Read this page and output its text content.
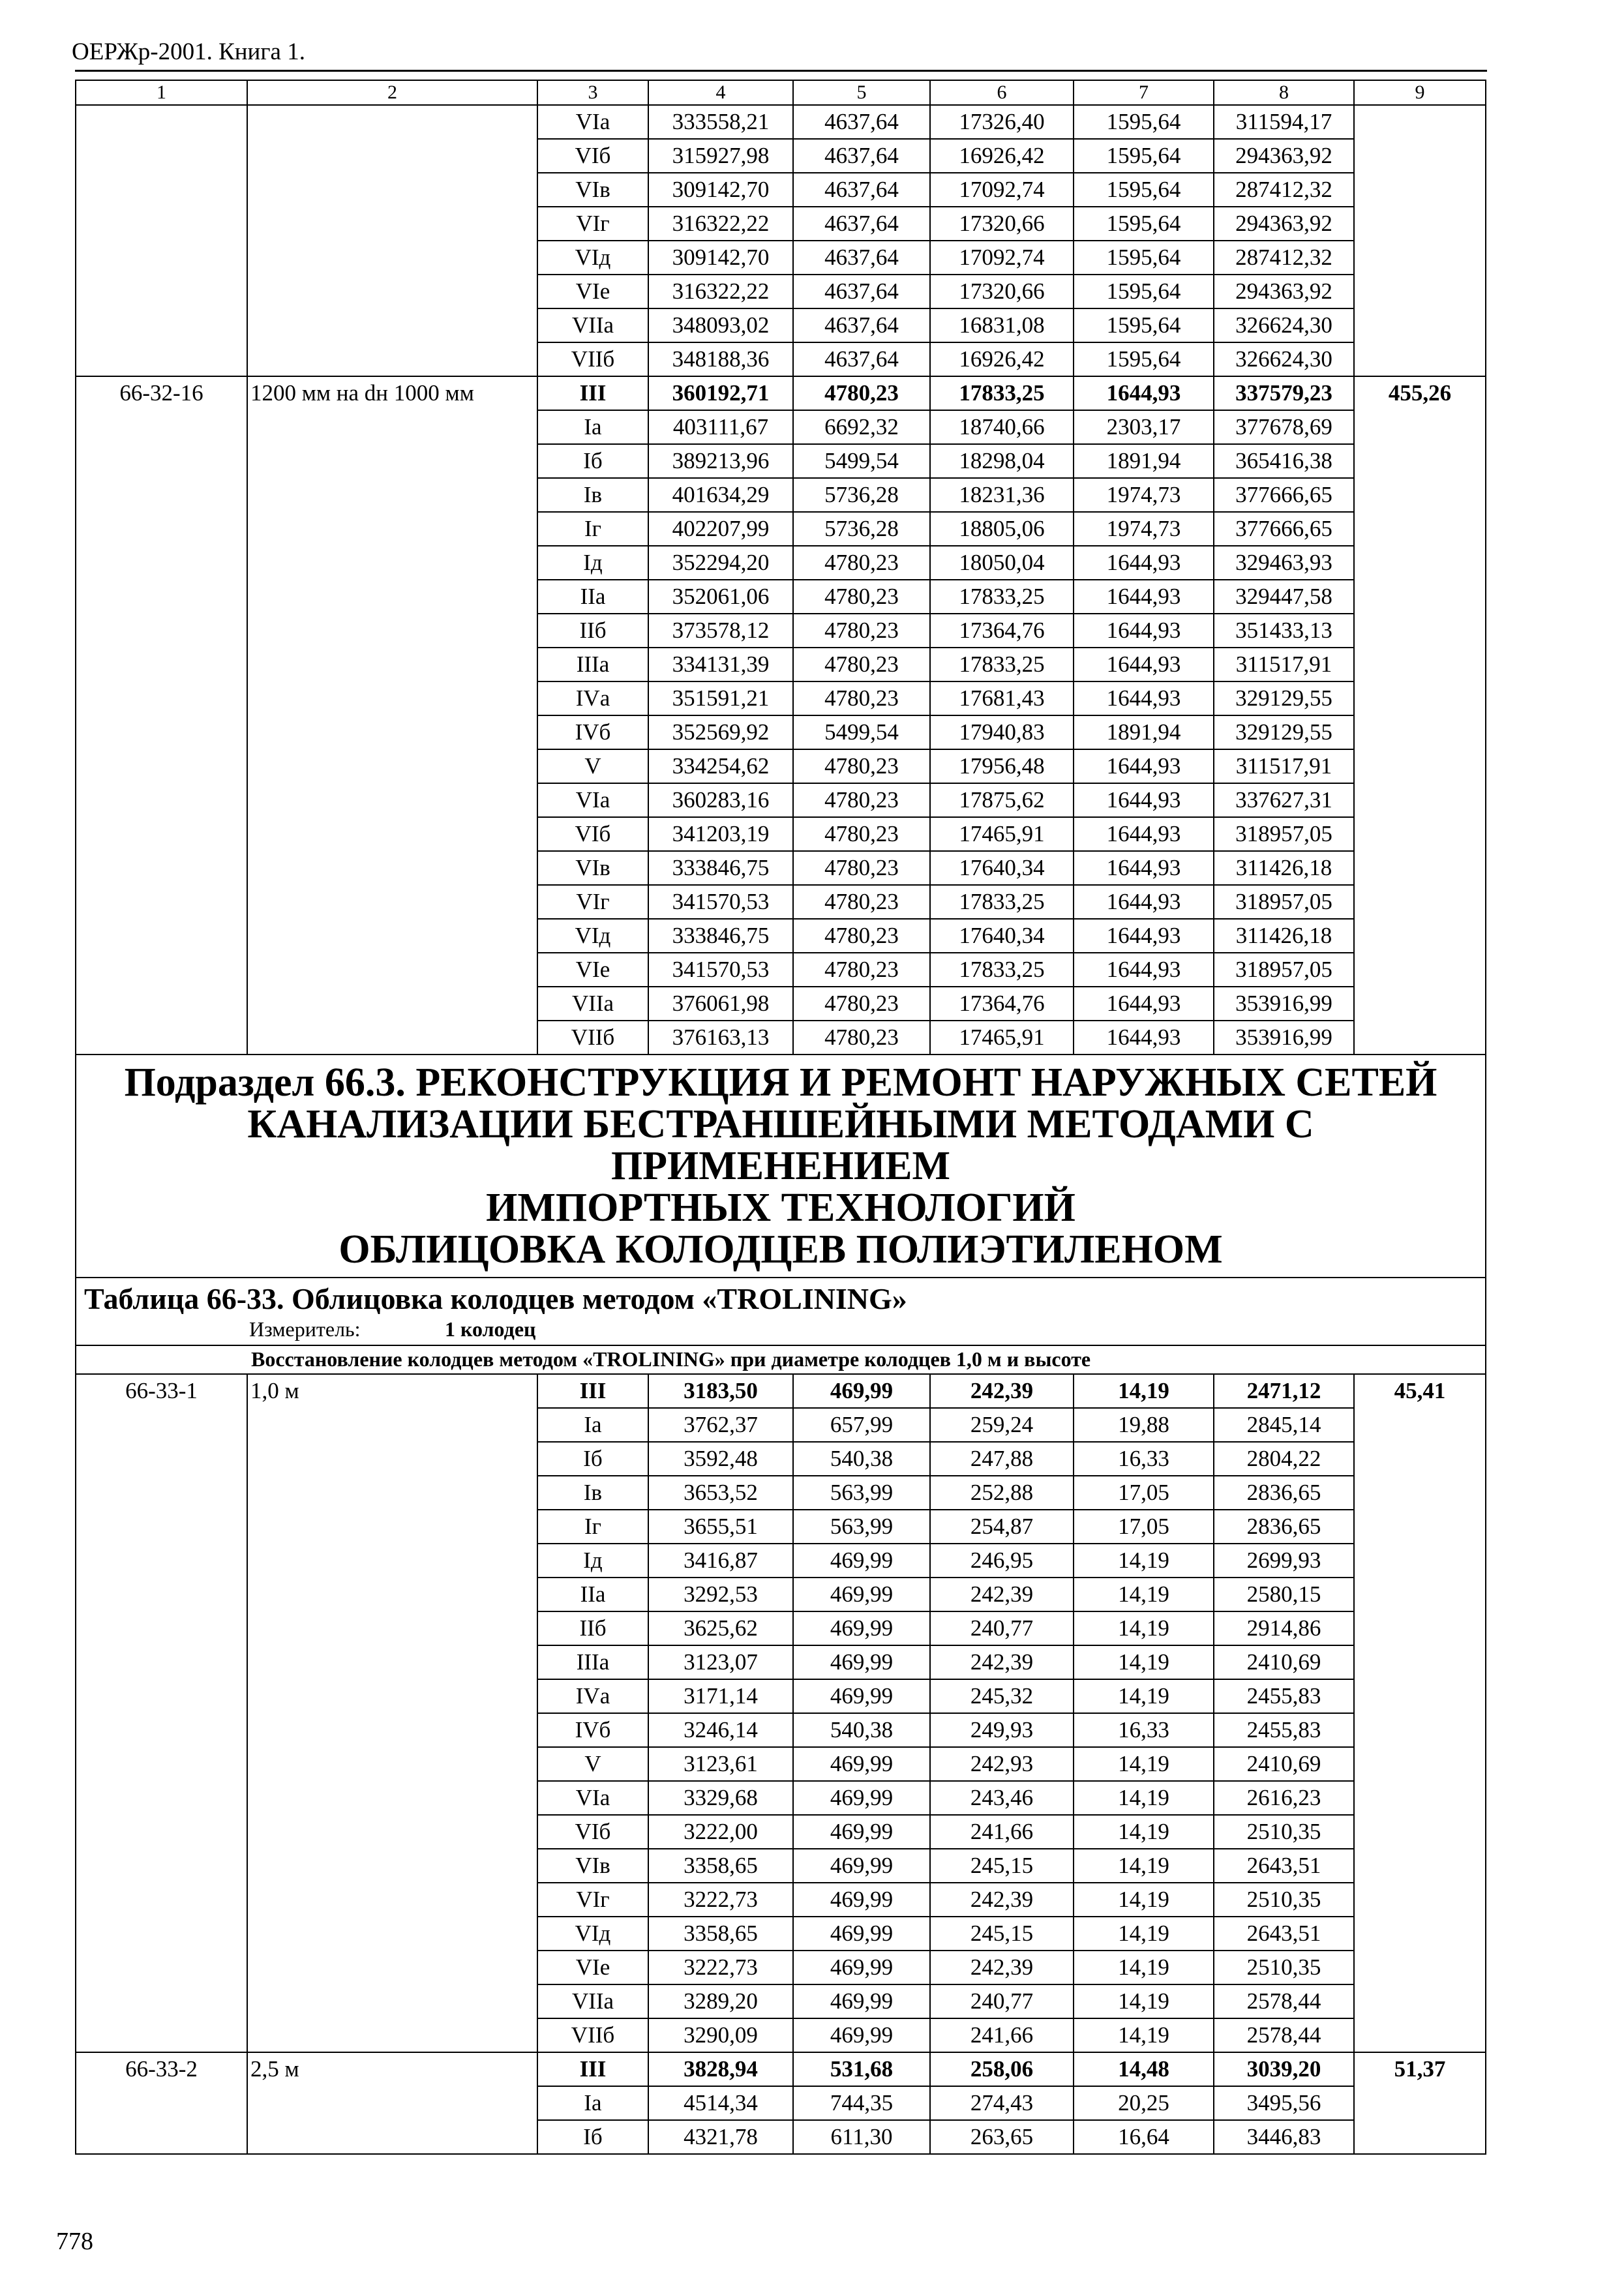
ОЕРЖр-2001. Книга 1.
1	2	3	4	5	6	7	8	9
		VIа	333558,21	4637,64	17326,40	1595,64	311594,17	
		VIб	315927,98	4637,64	16926,42	1595,64	294363,92	
		VIв	309142,70	4637,64	17092,74	1595,64	287412,32	
		VIг	316322,22	4637,64	17320,66	1595,64	294363,92	
		VIд	309142,70	4637,64	17092,74	1595,64	287412,32	
		VIе	316322,22	4637,64	17320,66	1595,64	294363,92	
		VIIа	348093,02	4637,64	16831,08	1595,64	326624,30	
		VIIб	348188,36	4637,64	16926,42	1595,64	326624,30	
66-32-16	1200 мм на dн 1000 мм	III	360192,71	4780,23	17833,25	1644,93	337579,23	455,26
		Iа	403111,67	6692,32	18740,66	2303,17	377678,69	
		Iб	389213,96	5499,54	18298,04	1891,94	365416,38	
		Iв	401634,29	5736,28	18231,36	1974,73	377666,65	
		Iг	402207,99	5736,28	18805,06	1974,73	377666,65	
		Iд	352294,20	4780,23	18050,04	1644,93	329463,93	
		IIа	352061,06	4780,23	17833,25	1644,93	329447,58	
		IIб	373578,12	4780,23	17364,76	1644,93	351433,13	
		IIIа	334131,39	4780,23	17833,25	1644,93	311517,91	
		IVа	351591,21	4780,23	17681,43	1644,93	329129,55	
		IVб	352569,92	5499,54	17940,83	1891,94	329129,55	
		V	334254,62	4780,23	17956,48	1644,93	311517,91	
		VIа	360283,16	4780,23	17875,62	1644,93	337627,31	
		VIб	341203,19	4780,23	17465,91	1644,93	318957,05	
		VIв	333846,75	4780,23	17640,34	1644,93	311426,18	
		VIг	341570,53	4780,23	17833,25	1644,93	318957,05	
		VIд	333846,75	4780,23	17640,34	1644,93	311426,18	
		VIе	341570,53	4780,23	17833,25	1644,93	318957,05	
		VIIа	376061,98	4780,23	17364,76	1644,93	353916,99	
		VIIб	376163,13	4780,23	17465,91	1644,93	353916,99	

Подраздел 66.3. РЕКОНСТРУКЦИЯ И РЕМОНТ НАРУЖНЫХ СЕТЕЙ
КАНАЛИЗАЦИИ БЕСТРАНШЕЙНЫМИ МЕТОДАМИ С ПРИМЕНЕНИЕМ
ИМПОРТНЫХ ТЕХНОЛОГИЙ
ОБЛИЦОВКА КОЛОДЦЕВ ПОЛИЭТИЛЕНОМ								

Таблица 66-33. Облицовка колодцев методом «TROLINING»								
Измеритель: 1 колодец								
Восстановление колодцев методом «TROLINING» при диаметре колодцев 1,0 м и высоте								
66-33-1	1,0 м	III	3183,50	469,99	242,39	14,19	2471,12	45,41
		Iа	3762,37	657,99	259,24	19,88	2845,14	
		Iб	3592,48	540,38	247,88	16,33	2804,22	
		Iв	3653,52	563,99	252,88	17,05	2836,65	
		Iг	3655,51	563,99	254,87	17,05	2836,65	
		Iд	3416,87	469,99	246,95	14,19	2699,93	
		IIа	3292,53	469,99	242,39	14,19	2580,15	
		IIб	3625,62	469,99	240,77	14,19	2914,86	
		IIIа	3123,07	469,99	242,39	14,19	2410,69	
		IVа	3171,14	469,99	245,32	14,19	2455,83	
		IVб	3246,14	540,38	249,93	16,33	2455,83	
		V	3123,61	469,99	242,93	14,19	2410,69	
		VIа	3329,68	469,99	243,46	14,19	2616,23	
		VIб	3222,00	469,99	241,66	14,19	2510,35	
		VIв	3358,65	469,99	245,15	14,19	2643,51	
		VIг	3222,73	469,99	242,39	14,19	2510,35	
		VIд	3358,65	469,99	245,15	14,19	2643,51	
		VIе	3222,73	469,99	242,39	14,19	2510,35	
		VIIа	3289,20	469,99	240,77	14,19	2578,44	
		VIIб	3290,09	469,99	241,66	14,19	2578,44	
66-33-2	2,5 м	III	3828,94	531,68	258,06	14,48	3039,20	51,37
		Iа	4514,34	744,35	274,43	20,25	3495,56	
		Iб	4321,78	611,30	263,65	16,64	3446,83	
778
